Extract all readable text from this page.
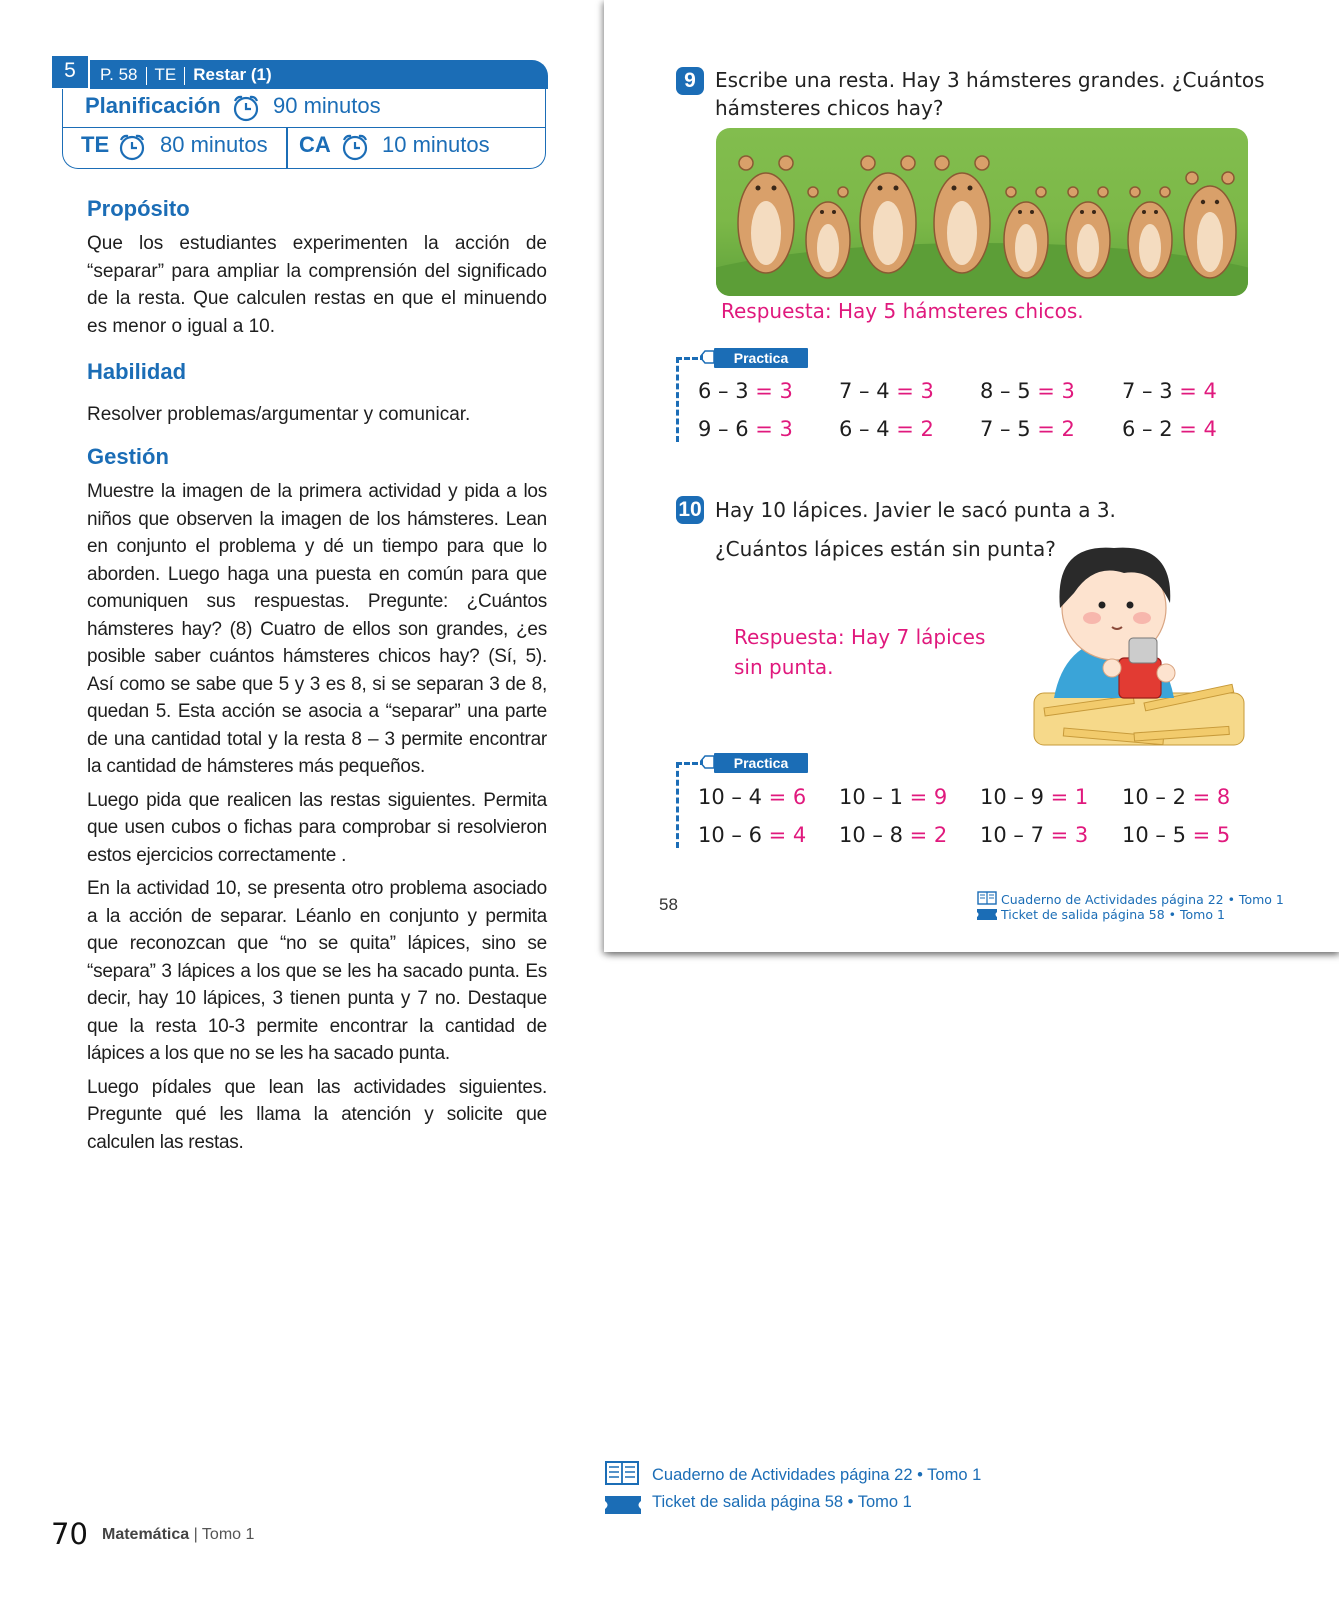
5	P. 58 TE Restar (1)
Planificación 90 minutos
TE 80 minutos CA 10 minutos
Propósito

Que los estudiantes experimenten la acción de “separar” para ampliar la comprensión del significado de la resta. Que calculen restas en que el minuendo es menor o igual a 10.

Habilidad

Resolver problemas/argumentar y comunicar.

Gestión

Muestre la imagen de la primera actividad y pida a los niños que observen la imagen de los hámsteres. Lean en conjunto el problema y dé un tiempo para que lo aborden. Luego haga una puesta en común para que comuniquen sus respuestas. Pregunte: ¿Cuántos hámsteres hay? (8) Cuatro de ellos son grandes, ¿es posible saber cuántos hámsteres chicos hay? (Sí, 5). Así como se sabe que 5 y 3 es 8, si se separan 3 de 8, quedan 5. Esta acción se asocia a “separar” una parte de una cantidad total y la resta 8 – 3 permite encontrar la cantidad de hámsteres más pequeños.

Luego pida que realicen las restas siguientes. Permita que usen cubos o fichas para comprobar si resolvieron estos ejercicios correctamente .

En la actividad 10, se presenta otro problema asociado a la acción de separar. Léanlo en conjunto y permita que reconozcan que “no se quita” lápices, sino se “separa” 3 lápices a los que se les ha sacado punta. Es decir, hay 10 lápices, 3 tienen punta y 7 no. Destaque que la resta 10-3 permite encontrar la cantidad de lápices a los que no se les ha sacado punta.

Luego pídales que lean las actividades siguientes. Pregunte qué les llama la atención y solicite que calculen las restas.

9 Escribe una resta. Hay 3 hámsteres grandes. ¿Cuántos
hámsteres chicos hay?
Respuesta: Hay 5 hámsteres chicos.
Practica
6 – 3 = 3 7 – 4 = 3 8 – 5 = 3 7 – 3 = 4
9 – 6 = 3 6 – 4 = 2 7 – 5 = 2 6 – 2 = 4
10 Hay 10 lápices. Javier le sacó punta a 3.
¿Cuántos lápices están sin punta?
Respuesta: Hay 7 lápices
sin punta.
Practica
10 – 4 = 6 10 – 1 = 9 10 – 9 = 1 10 – 2 = 8
10 – 6 = 4 10 – 8 = 2 10 – 7 = 3 10 – 5 = 5
58	Cuaderno de Actividades página 22 • Tomo 1
Ticket de salida página 58 • Tomo 1
Cuaderno de Actividades página 22 • Tomo 1
Ticket de salida página 58 • Tomo 1
70 Matemática | Tomo 1
